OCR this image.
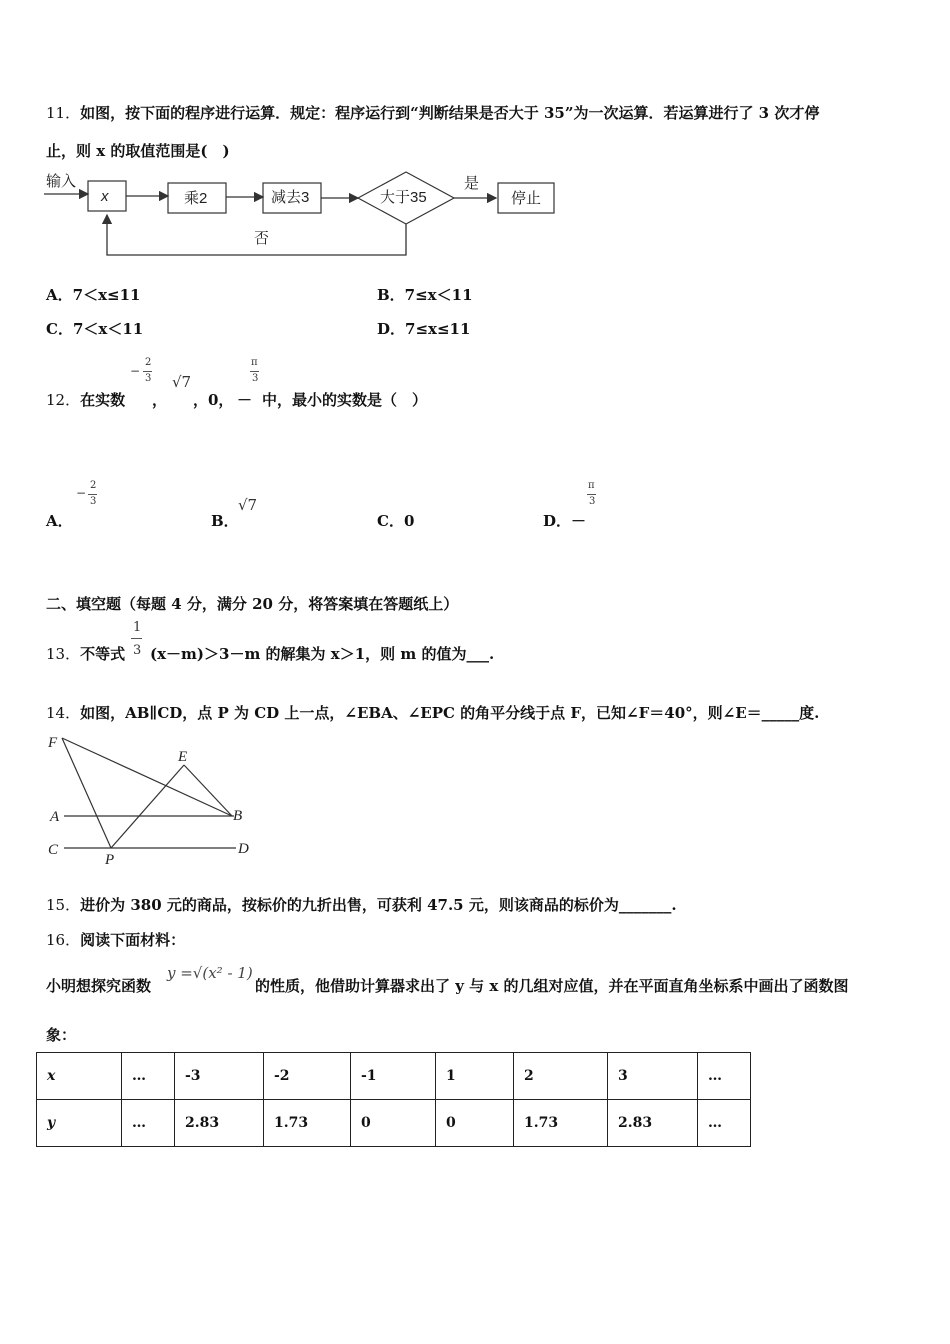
11．如图，按下面的程序进行运算．规定：程序运行到“判断结果是否大于 35”为一次运算．若运算进行了 3 次才停
止，则 x 的取值范围是(　)
输入
x	乘2	减去3	大于35
是
停止
否
A．7＜x≤11	B．7≤x＜11
C．7＜x＜11	D．7≤x≤11
12．在实数
−
2
3
，
√7
，0， －
π
3
中，最小的实数是（　）
A．
−
2
3
B．
√7
C．0	D．－
π
3
二、填空题（每题 4 分，满分 20 分，将答案填在答题纸上）
13．不等式
1
3 (x－m)＞3－m 的解集为 x＞1，则 m 的值为___.
14．如图，AB∥CD，点 P 为 CD 上一点，∠EBA、∠EPC 的角平分线于点 F，已知∠F＝40°，则∠E＝_____度.
F
E
A	B
C
P
D
15．进价为 380 元的商品，按标价的九折出售，可获利 47.5 元，则该商品的标价为_______.
16．阅读下面材料：
小明想探究函数
y =√(x² - 1)
的性质，他借助计算器求出了 y 与 x 的几组对应值，并在平面直角坐标系中画出了函数图
象：
x	…	-3	-2	-1	1	2	3	…
y	…	2.83	1.73	0	0	1.73	2.83	…
